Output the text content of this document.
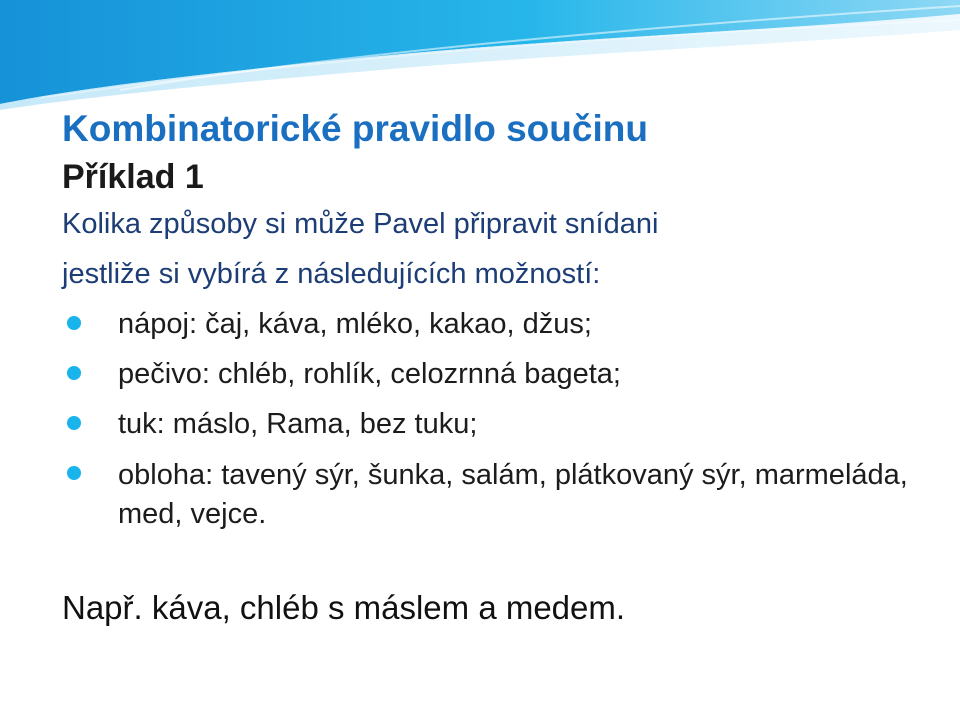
Kombinatorické pravidlo součinu
Příklad 1
Kolika způsoby si může Pavel připravit snídani
jestliže si vybírá z následujících možností:
nápoj: čaj, káva, mléko, kakao, džus;
pečivo: chléb, rohlík, celozrnná bageta;
tuk: máslo, Rama, bez tuku;
obloha: tavený sýr, šunka, salám, plátkovaný sýr, marmeláda, med, vejce.
Např. káva, chléb s máslem a medem.
